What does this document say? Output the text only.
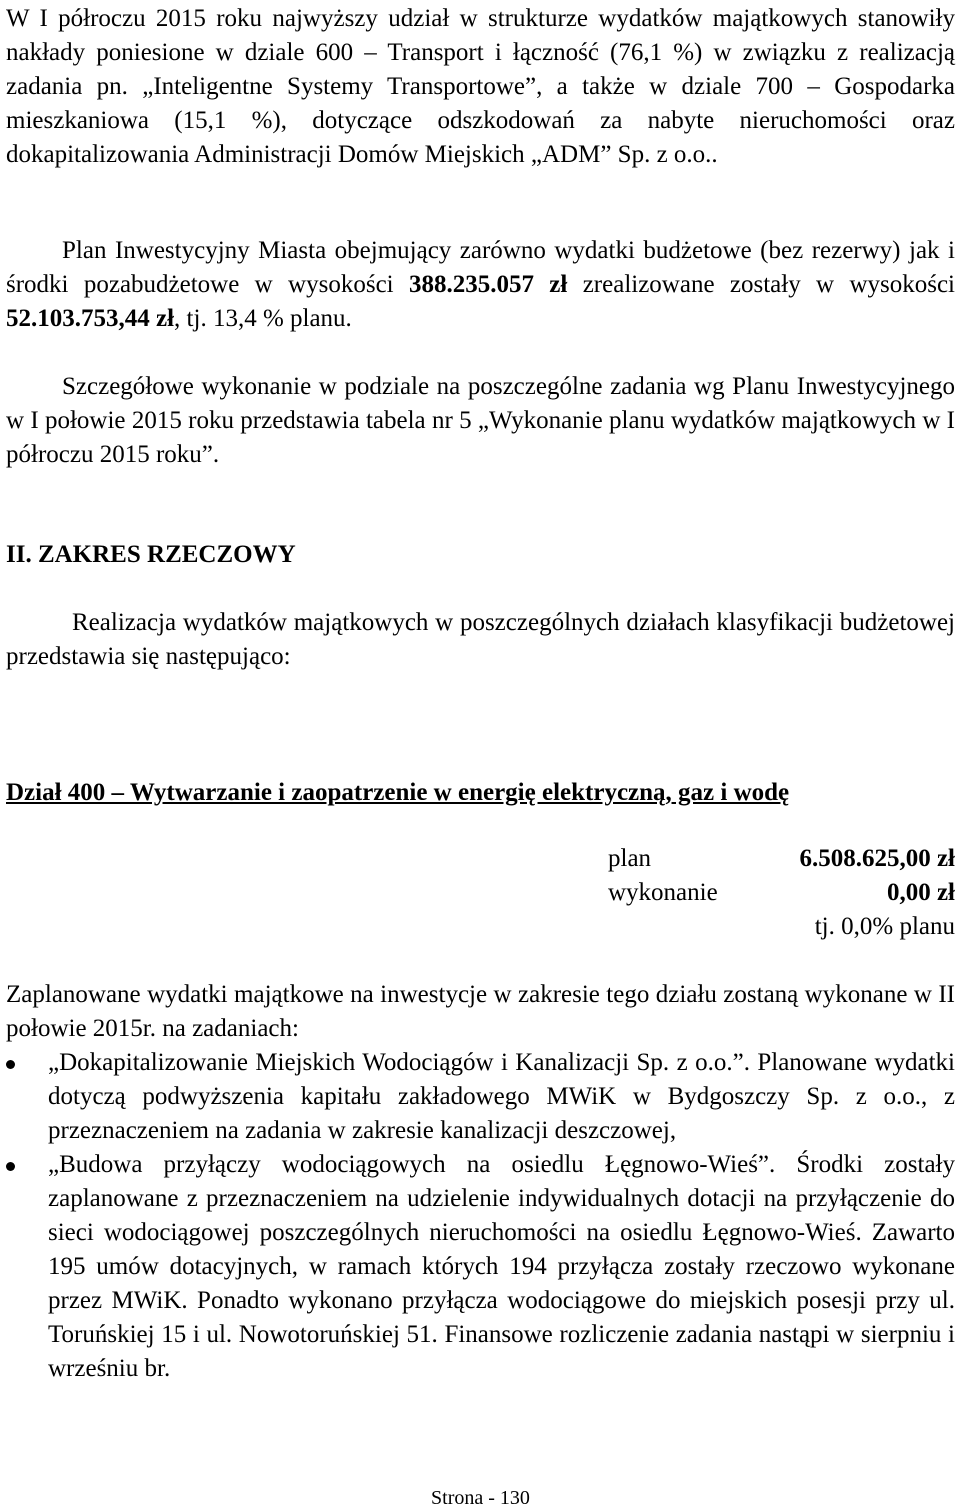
W I półroczu 2015 roku najwyższy udział w strukturze wydatków majątkowych stanowiły nakłady poniesione w dziale 600 – Transport i łączność (76,1 %) w związku z realizacją zadania pn. „Inteligentne Systemy Transportowe”, a także w dziale 700 – Gospodarka mieszkaniowa (15,1 %), dotyczące odszkodowań za nabyte nieruchomości oraz dokapitalizowania Administracji Domów Miejskich „ADM” Sp. z o.o..

Plan Inwestycyjny Miasta obejmujący zarówno wydatki budżetowe (bez rezerwy) jak i środki pozabudżetowe w wysokości 388.235.057 zł zrealizowane zostały w wysokości 52.103.753,44 zł, tj. 13,4 % planu.

Szczegółowe wykonanie w podziale na poszczególne zadania wg Planu Inwestycyjnego w I połowie 2015 roku przedstawia tabela nr 5 „Wykonanie planu wydatków majątkowych w I półroczu 2015 roku”.

II. ZAKRES RZECZOWY

Realizacja wydatków majątkowych w poszczególnych działach klasyfikacji budżetowej przedstawia się następująco:

Dział 400 – Wytwarzanie i zaopatrzenie w energię elektryczną, gaz i wodę
plan	6.508.625,00 zł
wykonanie	0,00 zł
tj. 0,0% planu

Zaplanowane wydatki majątkowe na inwestycje w zakresie tego działu zostaną wykonane w II połowie 2015r. na zadaniach:

„Dokapitalizowanie Miejskich Wodociągów i Kanalizacji Sp. z o.o.”. Planowane wydatki dotyczą podwyższenia kapitału zakładowego MWiK w Bydgoszczy Sp. z o.o., z przeznaczeniem na zadania w zakresie kanalizacji deszczowej,
„Budowa przyłączy wodociągowych na osiedlu Łęgnowo-Wieś”. Środki zostały zaplanowane z przeznaczeniem na udzielenie indywidualnych dotacji na przyłączenie do sieci wodociągowej poszczególnych nieruchomości na osiedlu Łęgnowo-Wieś. Zawarto 195 umów dotacyjnych, w ramach których 194 przyłącza zostały rzeczowo wykonane przez MWiK. Ponadto wykonano przyłącza wodociągowe do miejskich posesji przy ul. Toruńskiej 15 i ul. Nowotoruńskiej 51. Finansowe rozliczenie zadania nastąpi w sierpniu i wrześniu br.
Strona - 130
